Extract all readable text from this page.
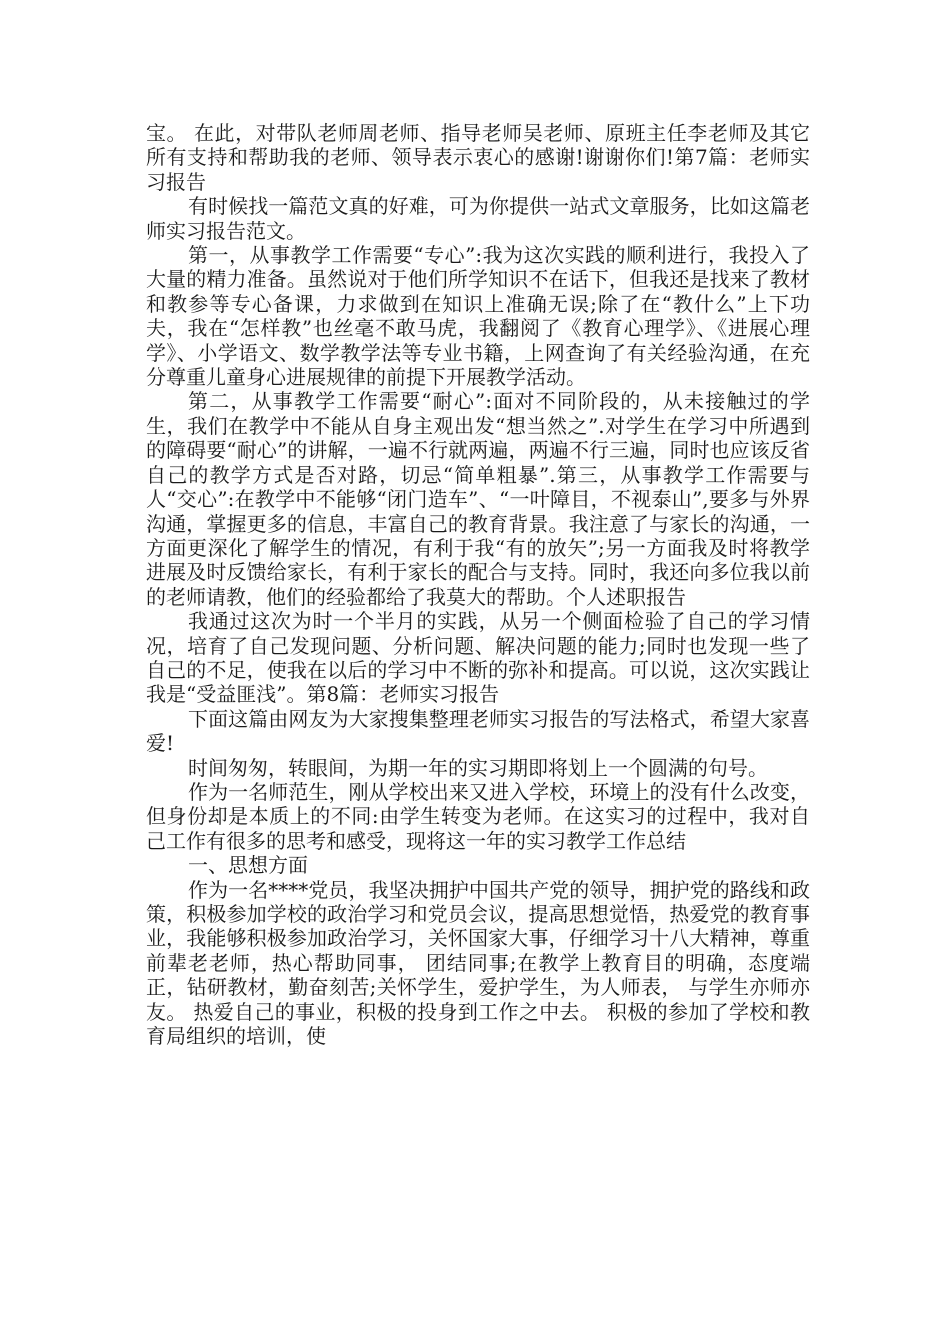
宝。 在此，对带队老师周老师、指导老师吴老师、原班主任李老师及其它所有支持和帮助我的老师、领导表示衷心的感谢!谢谢你们!第7篇：老师实习报告

有时候找一篇范文真的好难，可为你提供一站式文章服务，比如这篇老师实习报告范文。

第一，从事教学工作需要“专心”:我为这次实践的顺利进行，我投入了大量的精力准备。虽然说对于他们所学知识不在话下，但我还是找来了教材和教参等专心备课，力求做到在知识上准确无误;除了在“教什么”上下功夫，我在“怎样教”也丝毫不敢马虎，我翻阅了《教育心理学》、《进展心理学》、小学语文、数学教学法等专业书籍，上网查询了有关经验沟通，在充分尊重儿童身心进展规律的前提下开展教学活动。

第二，从事教学工作需要“耐心”:面对不同阶段的，从未接触过的学生，我们在教学中不能从自身主观出发“想当然之”.对学生在学习中所遇到的障碍要“耐心”的讲解，一遍不行就两遍，两遍不行三遍，同时也应该反省自己的教学方式是否对路，切忌“简单粗暴”.第三，从事教学工作需要与人“交心”:在教学中不能够“闭门造车”、“一叶障目，不视泰山”,要多与外界沟通，掌握更多的信息，丰富自己的教育背景。我注意了与家长的沟通，一方面更深化了解学生的情况，有利于我“有的放矢”;另一方面我及时将教学进展及时反馈给家长，有利于家长的配合与支持。同时，我还向多位我以前的老师请教，他们的经验都给了我莫大的帮助。个人述职报告

我通过这次为时一个半月的实践，从另一个侧面检验了自己的学习情况，培育了自己发现问题、分析问题、解决问题的能力;同时也发现一些了自己的不足，使我在以后的学习中不断的弥补和提高。可以说，这次实践让我是“受益匪浅”。第8篇：老师实习报告

下面这篇由网友为大家搜集整理老师实习报告的写法格式，希望大家喜爱!

时间匆匆，转眼间，为期一年的实习期即将划上一个圆满的句号。

作为一名师范生，刚从学校出来又进入学校，环境上的没有什么改变，但身份却是本质上的不同:由学生转变为老师。在这实习的过程中，我对自己工作有很多的思考和感受，现将这一年的实习教学工作总结

一、思想方面

作为一名****党员，我坚决拥护中国共产党的领导，拥护党的路线和政策，积极参加学校的政治学习和党员会议，提高思想觉悟，热爱党的教育事业，我能够积极参加政治学习，关怀国家大事，仔细学习十八大精神，尊重前辈老老师，热心帮助同事， 团结同事;在教学上教育目的明确，态度端正，钻研教材，勤奋刻苦;关怀学生，爱护学生，为人师表， 与学生亦师亦友。 热爱自己的事业，积极的投身到工作之中去。 积极的参加了学校和教育局组织的培训，使
